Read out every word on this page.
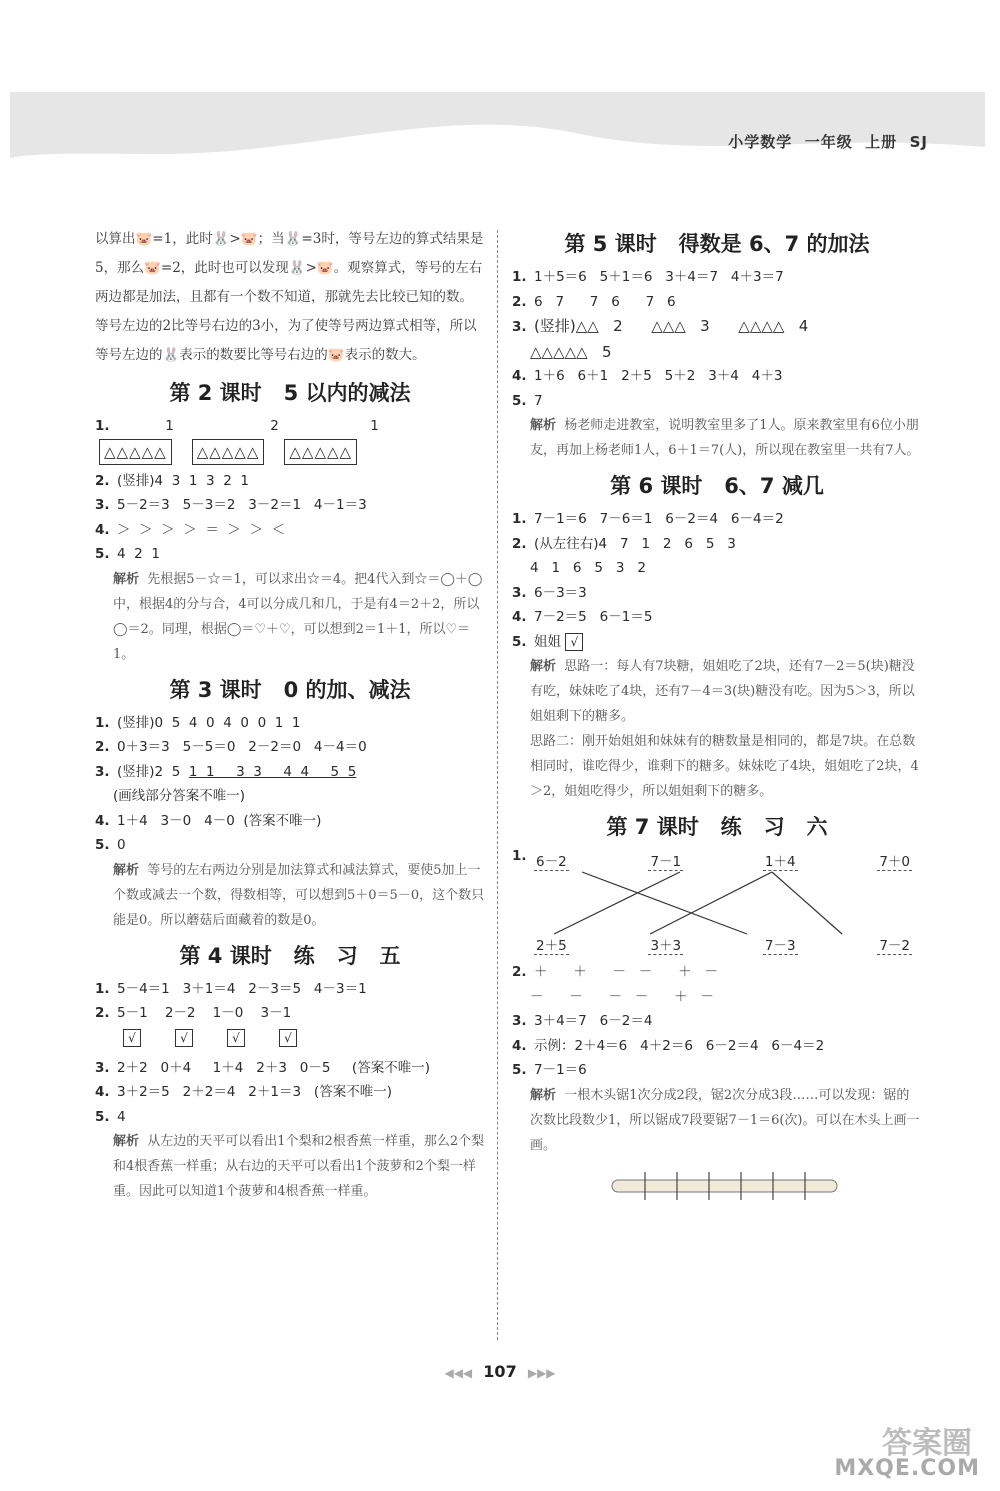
小学数学  一年级  上册  SJ
以算出🐷=1，此时🐰>🐷；当🐰=3时，等号左边的算式结果是5，那么🐷=2，此时也可以发现🐰>🐷。观察算式，等号的左右两边都是加法，且都有一个数不知道，那就先去比较已知的数。等号左边的2比等号右边的3小，为了使等号两边算式相等，所以等号左边的🐰表示的数要比等号右边的🐷表示的数大。
第 2 课时   5 以内的减法
1.	1	2	1
△△△△△ △△△△△ △△△△△
2. (竖排)4  3  1  3  2  1
3. 5－2＝3   5－3＝2   3－2＝1   4－1＝3
4. ＞  ＞  ＞  ＞  ＝  ＞  ＞  ＜
5. 4  2  1
解析 先根据5－☆＝1，可以求出☆＝4。把4代入到☆＝◯＋◯中，根据4的分与合，4可以分成几和几，于是有4＝2＋2，所以◯＝2。同理，根据◯＝♡＋♡，可以想到2＝1＋1，所以♡＝1。
第 3 课时   0 的加、减法
1. (竖排)0  5  4  0  4  0  0  1  1
2. 0＋3＝3   5－5＝0   2－2＝0   4－4＝0
3. (竖排)2  5  1  1     3  3     4  4     5  5
(画线部分答案不唯一)
4. 1＋4   3－0   4－0  (答案不唯一)
5. 0
解析 等号的左右两边分别是加法算式和减法算式，要使5加上一个数或减去一个数，得数相等，可以想到5＋0＝5－0，这个数只能是0。所以蘑菇后面藏着的数是0。
第 4 课时   练   习   五
1. 5－4＝1   3＋1＝4   2－3＝5   4－3＝1
2. 5－1    2－2    1－0    3－1
√	√	√	√
3. 2＋2   0＋4     1＋4   2＋3   0－5     (答案不唯一)
4. 3＋2＝5   2＋2＝4   2＋1＝3   (答案不唯一)
5. 4
解析 从左边的天平可以看出1个梨和2根香蕉一样重，那么2个梨和4根香蕉一样重；从右边的天平可以看出1个菠萝和2个梨一样重。因此可以知道1个菠萝和4根香蕉一样重。
第 5 课时   得数是 6、7 的加法
1. 1＋5＝6   5＋1＝6   3＋4＝7   4＋3＝7
2. 6   7      7   6      7   6
3. (竖排)△△   2      △△△   3      △△△△   4
△△△△△   5
4. 1＋6   6＋1   2＋5   5＋2   3＋4   4＋3
5. 7
解析 杨老师走进教室，说明教室里多了1人。原来教室里有6位小朋友，再加上杨老师1人，6＋1＝7(人)，所以现在教室里一共有7人。
第 6 课时   6、7 减几
1. 7－1＝6   7－6＝1   6－2＝4   6－4＝2
2. (从左往右)4   7   1   2   6   5   3
4   1   6   5   3   2
3. 6－3＝3
4. 7－2＝5   6－1＝5
5. 姐姐 √
解析 思路一：每人有7块糖，姐姐吃了2块，还有7－2＝5(块)糖没有吃，妹妹吃了4块，还有7－4＝3(块)糖没有吃。因为5＞3，所以姐姐剩下的糖多。
思路二：刚开始姐姐和妹妹有的糖数量是相同的，都是7块。在总数相同时，谁吃得少，谁剩下的糖多。妹妹吃了4块，姐姐吃了2块，4＞2，姐姐吃得少，所以姐姐剩下的糖多。
第 7 课时   练   习   六
1. 6－2	7－1	1＋4	7＋0
2＋5	3＋3	7－3	7－2
2. ＋      ＋      －   －      ＋   －
－      －      －   －      ＋   －
3. 3＋4＝7   6－2＝4
4. 示例：2＋4＝6   4＋2＝6   6－2＝4   6－4＝2
5. 7－1＝6
解析 一根木头锯1次分成2段，锯2次分成3段……可以发现：锯的次数比段数少1，所以锯成7段要锯7－1＝6(次)。可以在木头上画一画。
◀◀◀ 107 ▶▶▶
答案圈
MXQE.COM
